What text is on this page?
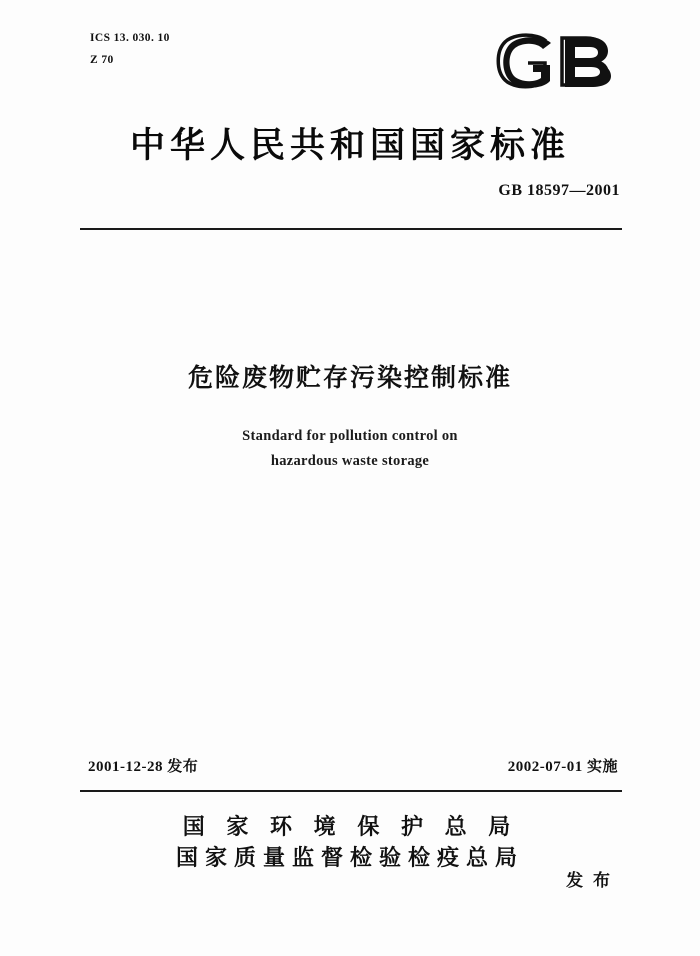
ICS 13. 030. 10
Z 70
中华人民共和国国家标准
GB 18597—2001
危险废物贮存污染控制标准
Standard for pollution control on
hazardous waste storage
2001-12-28 发布	2002-07-01 实施
国 家 环 境 保 护 总 局
国家质量监督检验检疫总局
发 布
